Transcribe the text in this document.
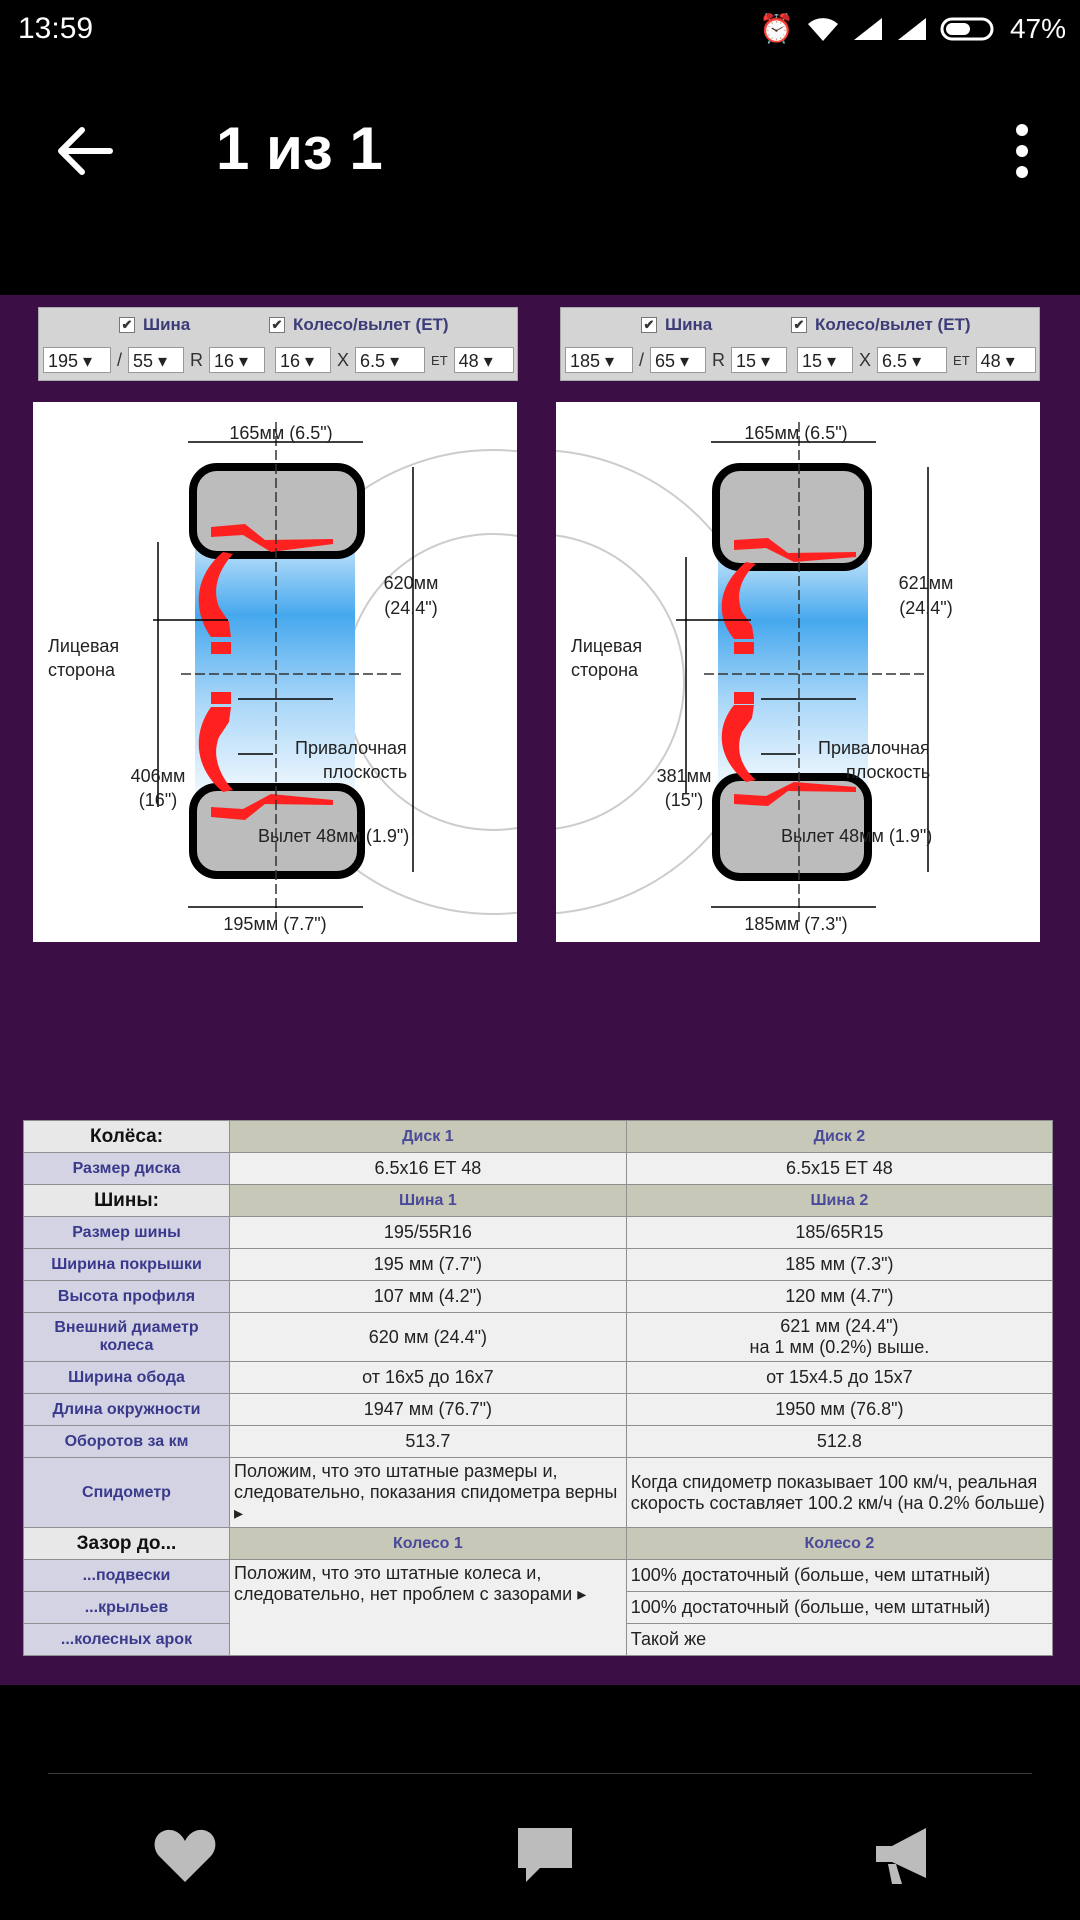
13:59	⏰	47%
1 из 1
✔ Шина	✔ Колесо/вылет (ET)
195 ▾	/ 55 ▾	R 16 ▾	16 ▾	X 6.5 ▾	ET 48 ▾
✔ Шина	✔ Колесо/вылет (ET)
185 ▾	/ 65 ▾	R 15 ▾	15 ▾	X 6.5 ▾	ET 48 ▾
165мм (6.5")
620мм
(24.4")
Лицевая
сторона
Привалочная
плоскость
406мм
(16")
Вылет 48мм (1.9")
195мм (7.7")
165мм (6.5")
621мм
(24.4")
Лицевая
сторона
Привалочная
плоскость
381мм
(15")
Вылет 48мм (1.9")
185мм (7.3")
Колёса:	Диск 1	Диск 2
Размер диска	6.5x16 ET 48	6.5x15 ET 48
Шины:	Шина 1	Шина 2
Размер шины	195/55R16	185/65R15
Ширина покрышки	195 мм (7.7")	185 мм (7.3")
Высота профиля	107 мм (4.2")	120 мм (4.7")
Внешний диаметр колеса	620 мм (24.4")	621 мм (24.4")
на 1 мм (0.2%) выше.
Ширина обода	от 16x5 до 16x7	от 15x4.5 до 15x7
Длина окружности	1947 мм (76.7")	1950 мм (76.8")
Оборотов за км	513.7	512.8
Спидометр	Положим, что это штатные размеры и, следовательно, показания спидометра верны ▸	Когда спидометр показывает 100 км/ч, реальная скорость составляет 100.2 км/ч (на 0.2% больше)
Зазор до...	Колесо 1	Колесо 2
...подвески	Положим, что это штатные колеса и, следовательно, нет проблем с зазорами ▸	100% достаточный (больше, чем штатный)
...крыльев		100% достаточный (больше, чем штатный)
...колесных арок		Такой же
